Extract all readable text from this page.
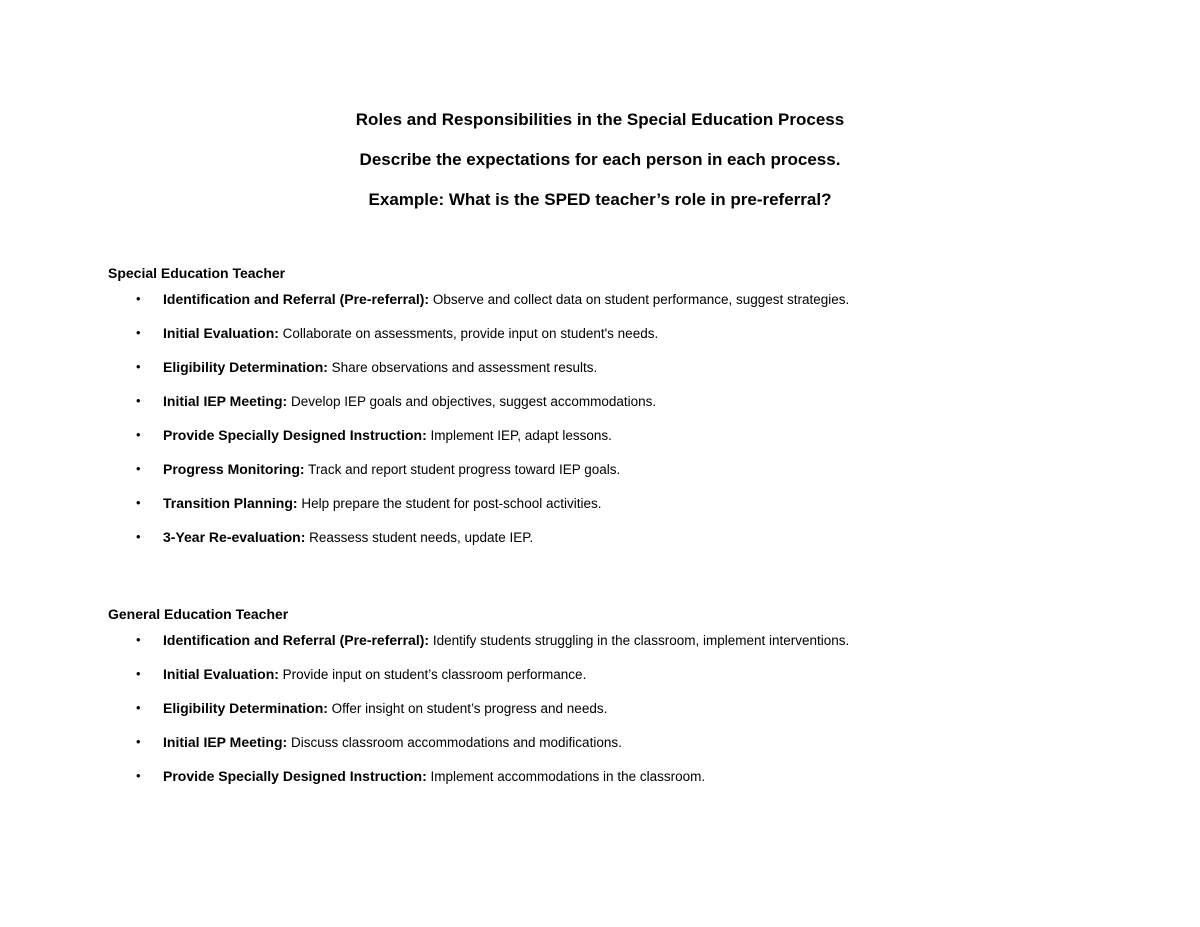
Roles and Responsibilities in the Special Education Process
Describe the expectations for each person in each process.
Example: What is the SPED teacher’s role in pre-referral?
Special Education Teacher
• Identification and Referral (Pre-referral): Observe and collect data on student performance, suggest strategies.
• Initial Evaluation: Collaborate on assessments, provide input on student's needs.
• Eligibility Determination: Share observations and assessment results.
• Initial IEP Meeting: Develop IEP goals and objectives, suggest accommodations.
• Provide Specially Designed Instruction: Implement IEP, adapt lessons.
• Progress Monitoring: Track and report student progress toward IEP goals.
• Transition Planning: Help prepare the student for post-school activities.
• 3-Year Re-evaluation: Reassess student needs, update IEP.
General Education Teacher
• Identification and Referral (Pre-referral): Identify students struggling in the classroom, implement interventions.
• Initial Evaluation: Provide input on student’s classroom performance.
• Eligibility Determination: Offer insight on student’s progress and needs.
• Initial IEP Meeting: Discuss classroom accommodations and modifications.
• Provide Specially Designed Instruction: Implement accommodations in the classroom.
